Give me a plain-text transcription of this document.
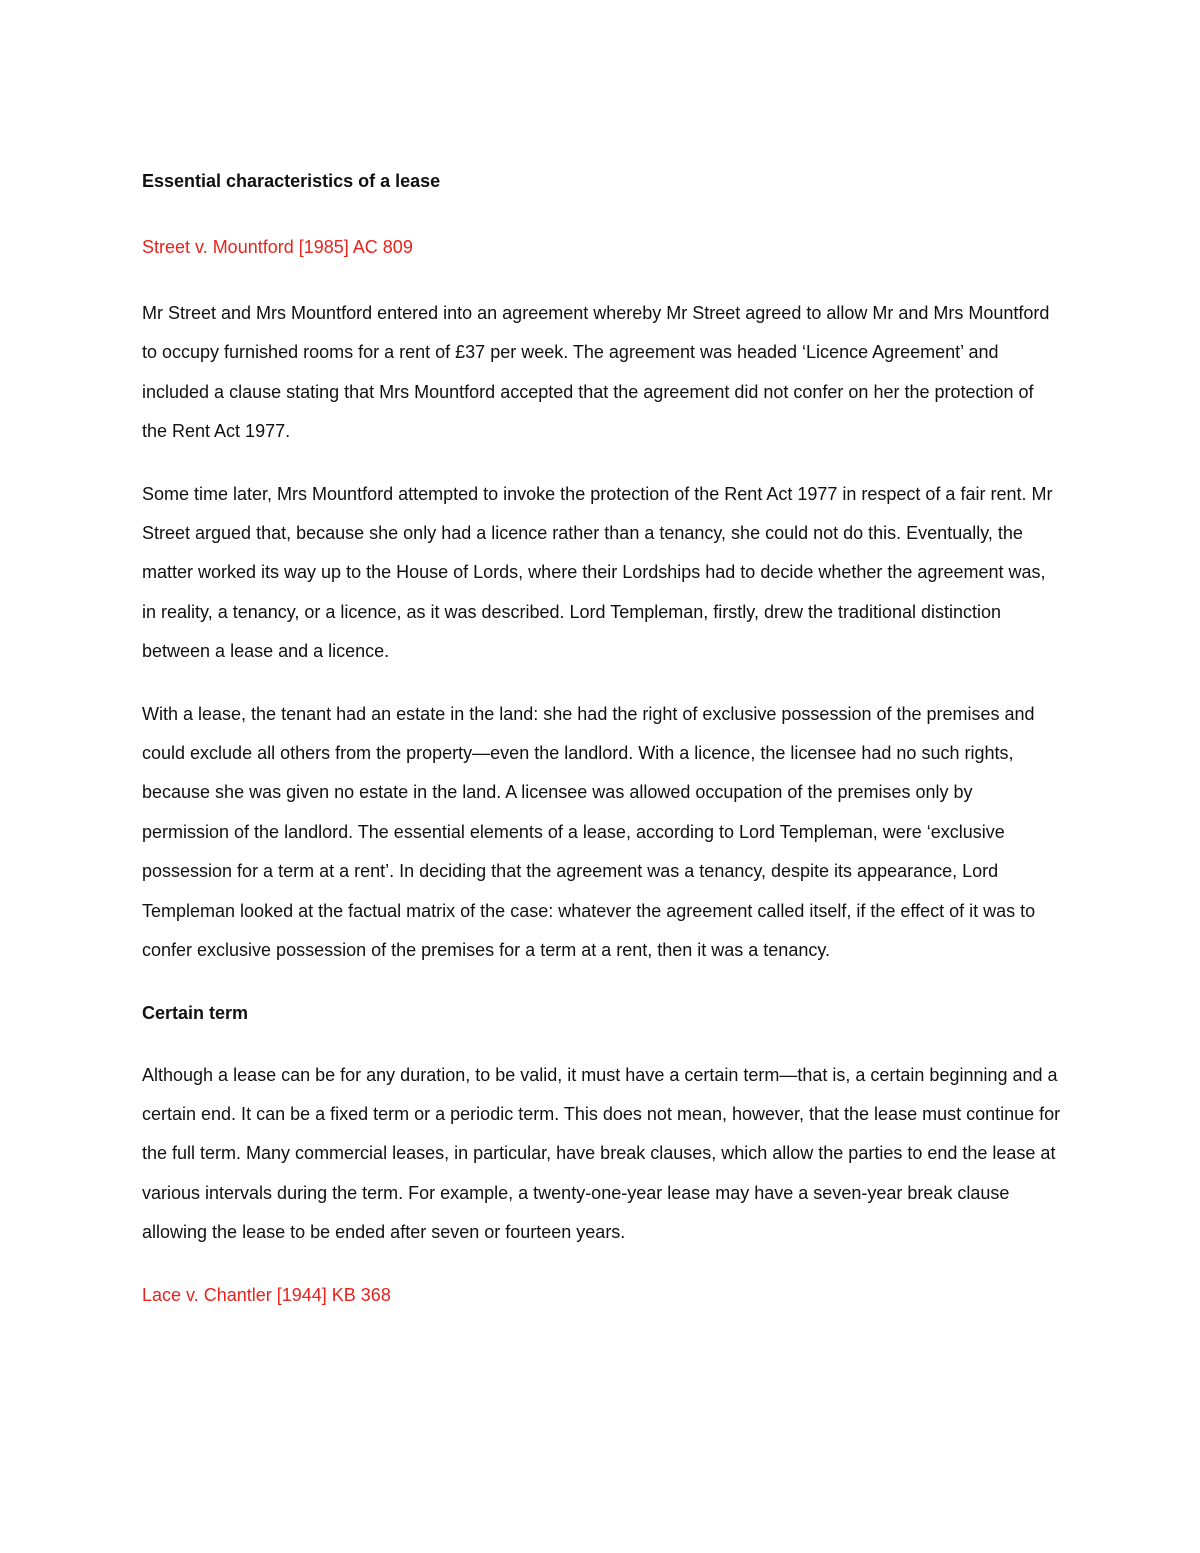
Essential characteristics of a lease

Street v. Mountford [1985] AC 809

Mr Street and Mrs Mountford entered into an agreement whereby Mr Street agreed to allow Mr and Mrs Mountford to occupy furnished rooms for a rent of £37 per week. The agreement was headed ‘Licence Agreement’ and included a clause stating that Mrs Mountford accepted that the agreement did not confer on her the protection of the Rent Act 1977.

Some time later, Mrs Mountford attempted to invoke the protection of the Rent Act 1977 in respect of a fair rent. Mr Street argued that, because she only had a licence rather than a tenancy, she could not do this. Eventually, the matter worked its way up to the House of Lords, where their Lordships had to decide whether the agreement was, in reality, a tenancy, or a licence, as it was described. Lord Templeman, firstly, drew the traditional distinction between a lease and a licence.

With a lease, the tenant had an estate in the land: she had the right of exclusive possession of the premises and could exclude all others from the property—even the landlord. With a licence, the licensee had no such rights, because she was given no estate in the land. A licensee was allowed occupation of the premises only by permission of the landlord. The essential elements of a lease, according to Lord Templeman, were ‘exclusive possession for a term at a rent’. In deciding that the agreement was a tenancy, despite its appearance, Lord Templeman looked at the factual matrix of the case: whatever the agreement called itself, if the effect of it was to confer exclusive possession of the premises for a term at a rent, then it was a tenancy.

Certain term

Although a lease can be for any duration, to be valid, it must have a certain term—that is, a certain beginning and a certain end. It can be a fixed term or a periodic term. This does not mean, however, that the lease must continue for the full term. Many commercial leases, in particular, have break clauses, which allow the parties to end the lease at various intervals during the term. For example, a twenty-one-year lease may have a seven-year break clause allowing the lease to be ended after seven or fourteen years.

Lace v. Chantler [1944] KB 368
